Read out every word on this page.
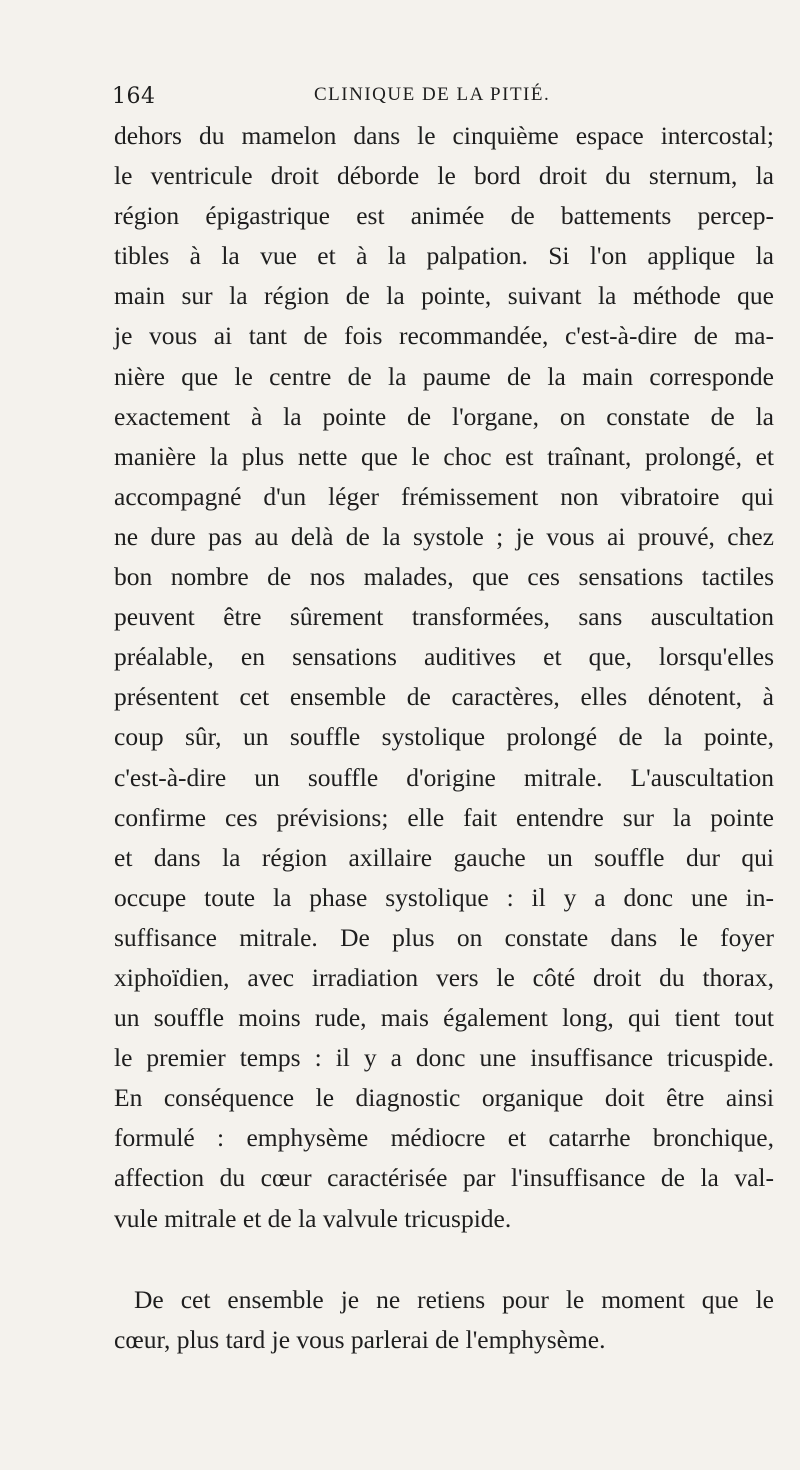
164	CLINIQUE DE LA PITIÉ.
dehors du mamelon dans le cinquième espace intercostal;
le ventricule droit déborde le bord droit du sternum, la
région épigastrique est animée de battements percep-
tibles à la vue et à la palpation. Si l'on applique la
main sur la région de la pointe, suivant la méthode que
je vous ai tant de fois recommandée, c'est-à-dire de ma-
nière que le centre de la paume de la main corresponde
exactement à la pointe de l'organe, on constate de la
manière la plus nette que le choc est traînant, prolongé, et
accompagné d'un léger frémissement non vibratoire qui
ne dure pas au delà de la systole ; je vous ai prouvé, chez
bon nombre de nos malades, que ces sensations tactiles
peuvent être sûrement transformées, sans auscultation
préalable, en sensations auditives et que, lorsqu'elles
présentent cet ensemble de caractères, elles dénotent, à
coup sûr, un souffle systolique prolongé de la pointe,
c'est-à-dire un souffle d'origine mitrale. L'auscultation
confirme ces prévisions; elle fait entendre sur la pointe
et dans la région axillaire gauche un souffle dur qui
occupe toute la phase systolique : il y a donc une in-
suffisance mitrale. De plus on constate dans le foyer
xiphoïdien, avec irradiation vers le côté droit du thorax,
un souffle moins rude, mais également long, qui tient tout
le premier temps : il y a donc une insuffisance tricuspide.
En conséquence le diagnostic organique doit être ainsi
formulé : emphysème médiocre et catarrhe bronchique,
affection du cœur caractérisée par l'insuffisance de la val-
vule mitrale et de la valvule tricuspide.
De cet ensemble je ne retiens pour le moment que le
cœur, plus tard je vous parlerai de l'emphysème.
